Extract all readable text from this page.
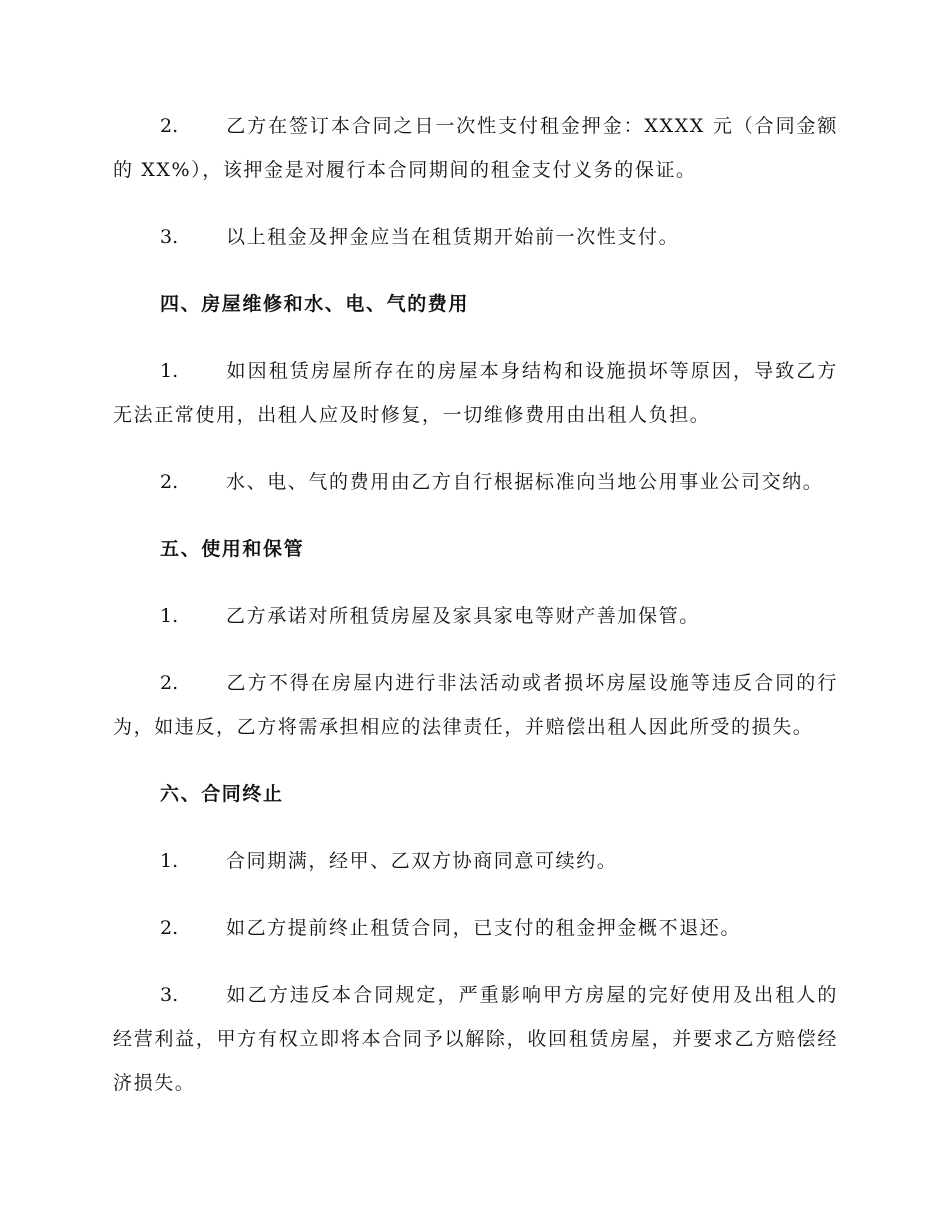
2.	乙方在签订本合同之日一次性支付租金押金：XXXX 元（合同金额的 XX%），该押金是对履行本合同期间的租金支付义务的保证。

3.	以上租金及押金应当在租赁期开始前一次性支付。

四、房屋维修和水、电、气的费用

1.	如因租赁房屋所存在的房屋本身结构和设施损坏等原因，导致乙方无法正常使用，出租人应及时修复，一切维修费用由出租人负担。

2.	水、电、气的费用由乙方自行根据标准向当地公用事业公司交纳。

五、使用和保管

1.	乙方承诺对所租赁房屋及家具家电等财产善加保管。

2.	乙方不得在房屋内进行非法活动或者损坏房屋设施等违反合同的行为，如违反，乙方将需承担相应的法律责任，并赔偿出租人因此所受的损失。

六、合同终止

1.	合同期满，经甲、乙双方协商同意可续约。

2.	如乙方提前终止租赁合同，已支付的租金押金概不退还。

3.	如乙方违反本合同规定，严重影响甲方房屋的完好使用及出租人的经营利益，甲方有权立即将本合同予以解除，收回租赁房屋，并要求乙方赔偿经济损失。
